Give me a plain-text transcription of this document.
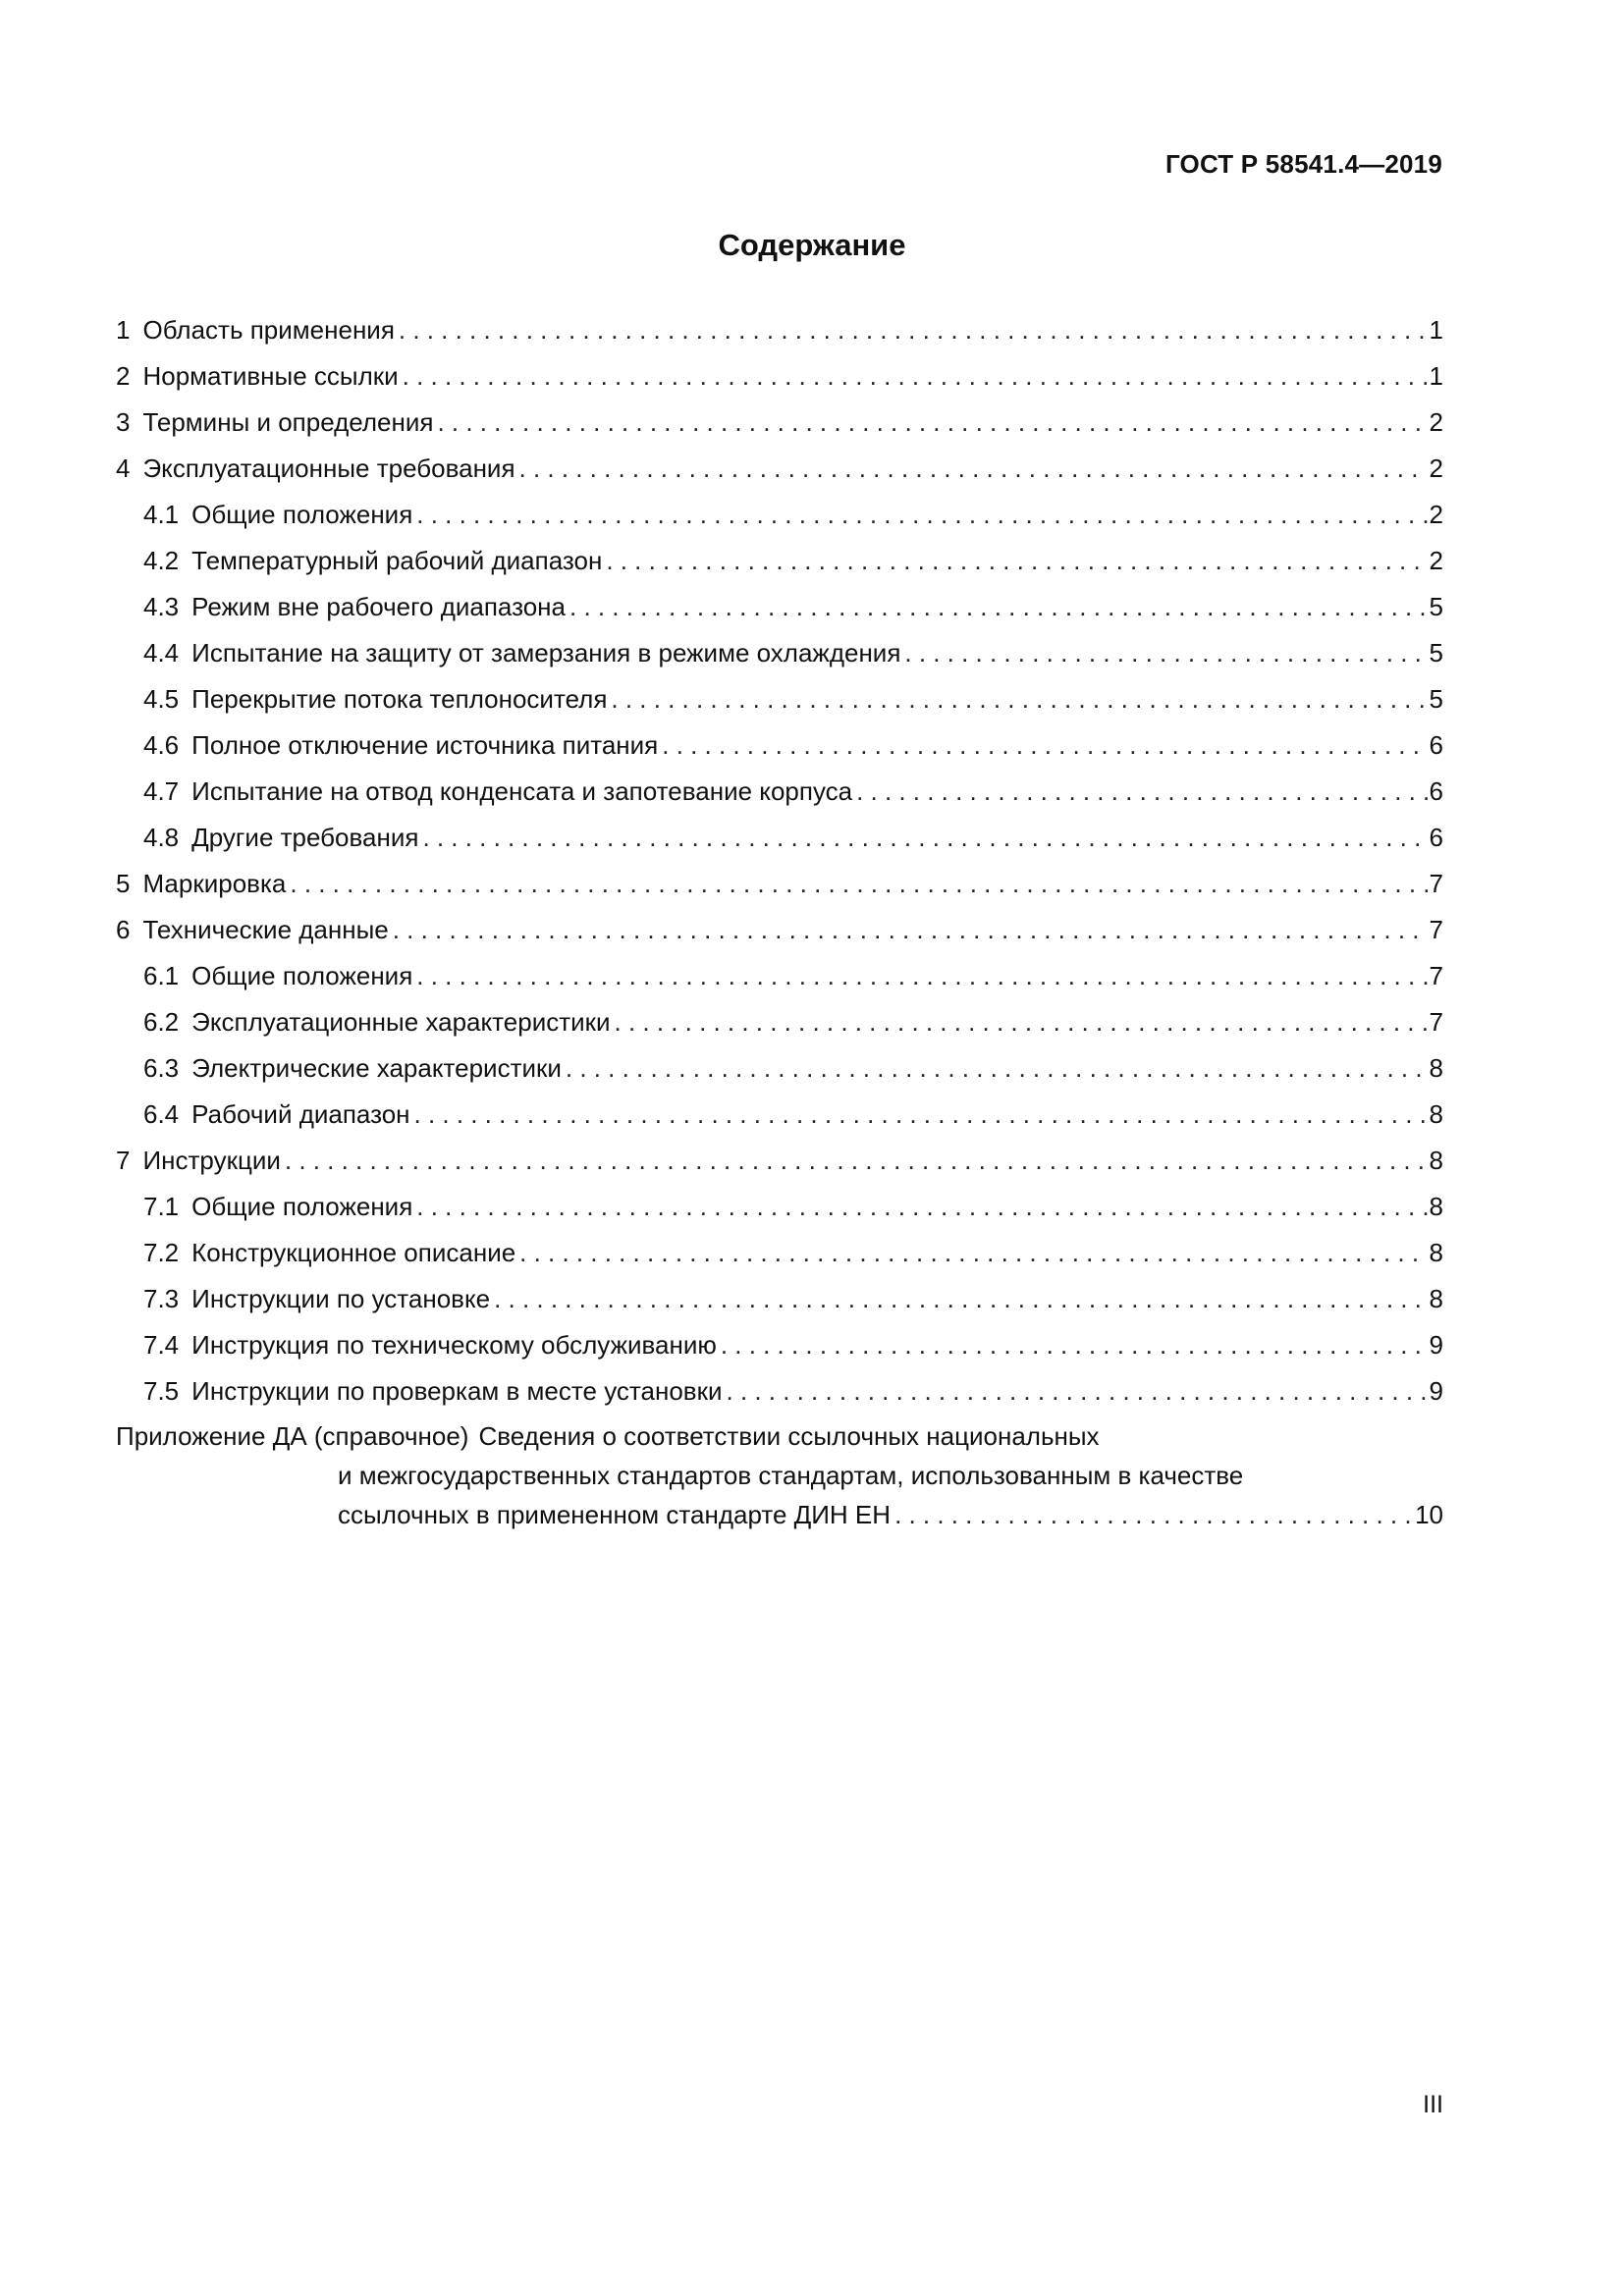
ГОСТ Р 58541.4—2019
Содержание
1 Область применения .....	1
2 Нормативные ссылки .....	1
3 Термины и определения .....	2
4 Эксплуатационные требования .....	2
4.1 Общие положения .....	2
4.2 Температурный рабочий диапазон .....	2
4.3 Режим вне рабочего диапазона .....	5
4.4 Испытание на защиту от замерзания в режиме охлаждения .....	5
4.5 Перекрытие потока теплоносителя .....	5
4.6 Полное отключение источника питания .....	6
4.7 Испытание на отвод конденсата и запотевание корпуса .....	6
4.8 Другие требования .....	6
5 Маркировка .....	7
6 Технические данные .....	7
6.1 Общие положения .....	7
6.2 Эксплуатационные характеристики .....	7
6.3 Электрические характеристики .....	8
6.4 Рабочий диапазон .....	8
7 Инструкции .....	8
7.1 Общие положения .....	8
7.2 Конструкционное описание .....	8
7.3 Инструкции по установке .....	8
7.4 Инструкция по техническому обслуживанию .....	9
7.5 Инструкции по проверкам в месте установки .....	9
Приложение ДА (справочное) Сведения о соответствии ссылочных национальных
и межгосударственных стандартов стандартам, использованным в качестве
ссылочных в примененном стандарте ДИН ЕН .....	10
III
